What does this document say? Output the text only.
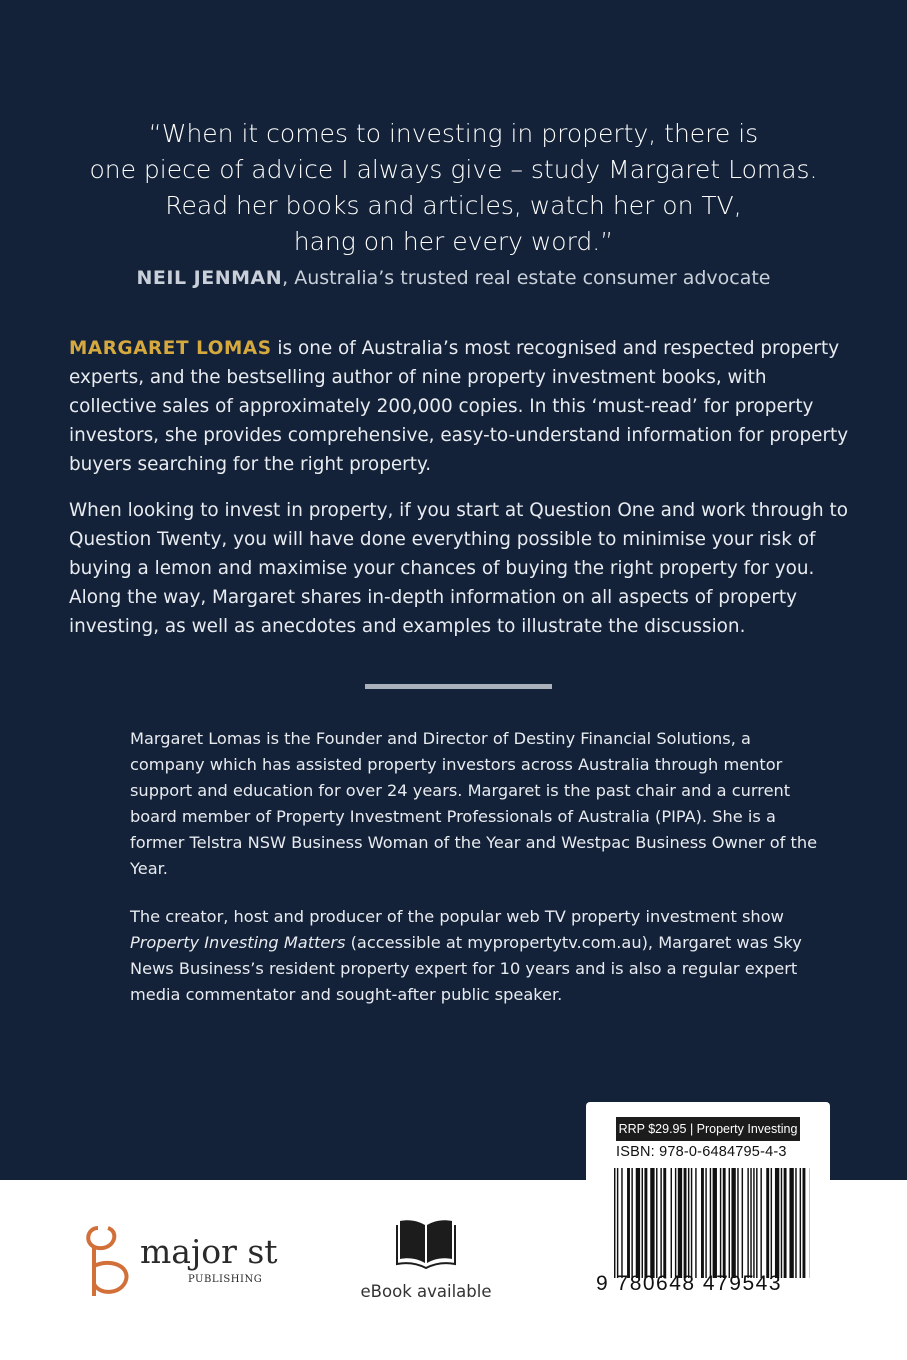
“When it comes to investing in property, there is
one piece of advice I always give – study Margaret Lomas.
Read her books and articles, watch her on TV,
hang on her every word.”
NEIL JENMAN, Australia’s trusted real estate consumer advocate
MARGARET LOMAS is one of Australia’s most recognised and respected property experts, and the bestselling author of nine property investment books, with collective sales of approximately 200,000 copies. In this ‘must-read’ for property investors, she provides comprehensive, easy-to-understand information for property buyers searching for the right property.
When looking to invest in property, if you start at Question One and work through to Question Twenty, you will have done everything possible to minimise your risk of buying a lemon and maximise your chances of buying the right property for you. Along the way, Margaret shares in-depth information on all aspects of property investing, as well as anecdotes and examples to illustrate the discussion.
Margaret Lomas is the Founder and Director of Destiny Financial Solutions, a company which has assisted property investors across Australia through mentor support and education for over 24 years. Margaret is the past chair and a current board member of Property Investment Professionals of Australia (PIPA). She is a former Telstra NSW Business Woman of the Year and Westpac Business Owner of the Year.
The creator, host and producer of the popular web TV property investment show Property Investing Matters (accessible at mypropertytv.com.au), Margaret was Sky News Business’s resident property expert for 10 years and is also a regular expert media commentator and sought-after public speaker.
RRP $29.95 | Property Investing
ISBN: 978-0-6484795-4-3
9 780648 479543
major st
PUBLISHING
eBook available
